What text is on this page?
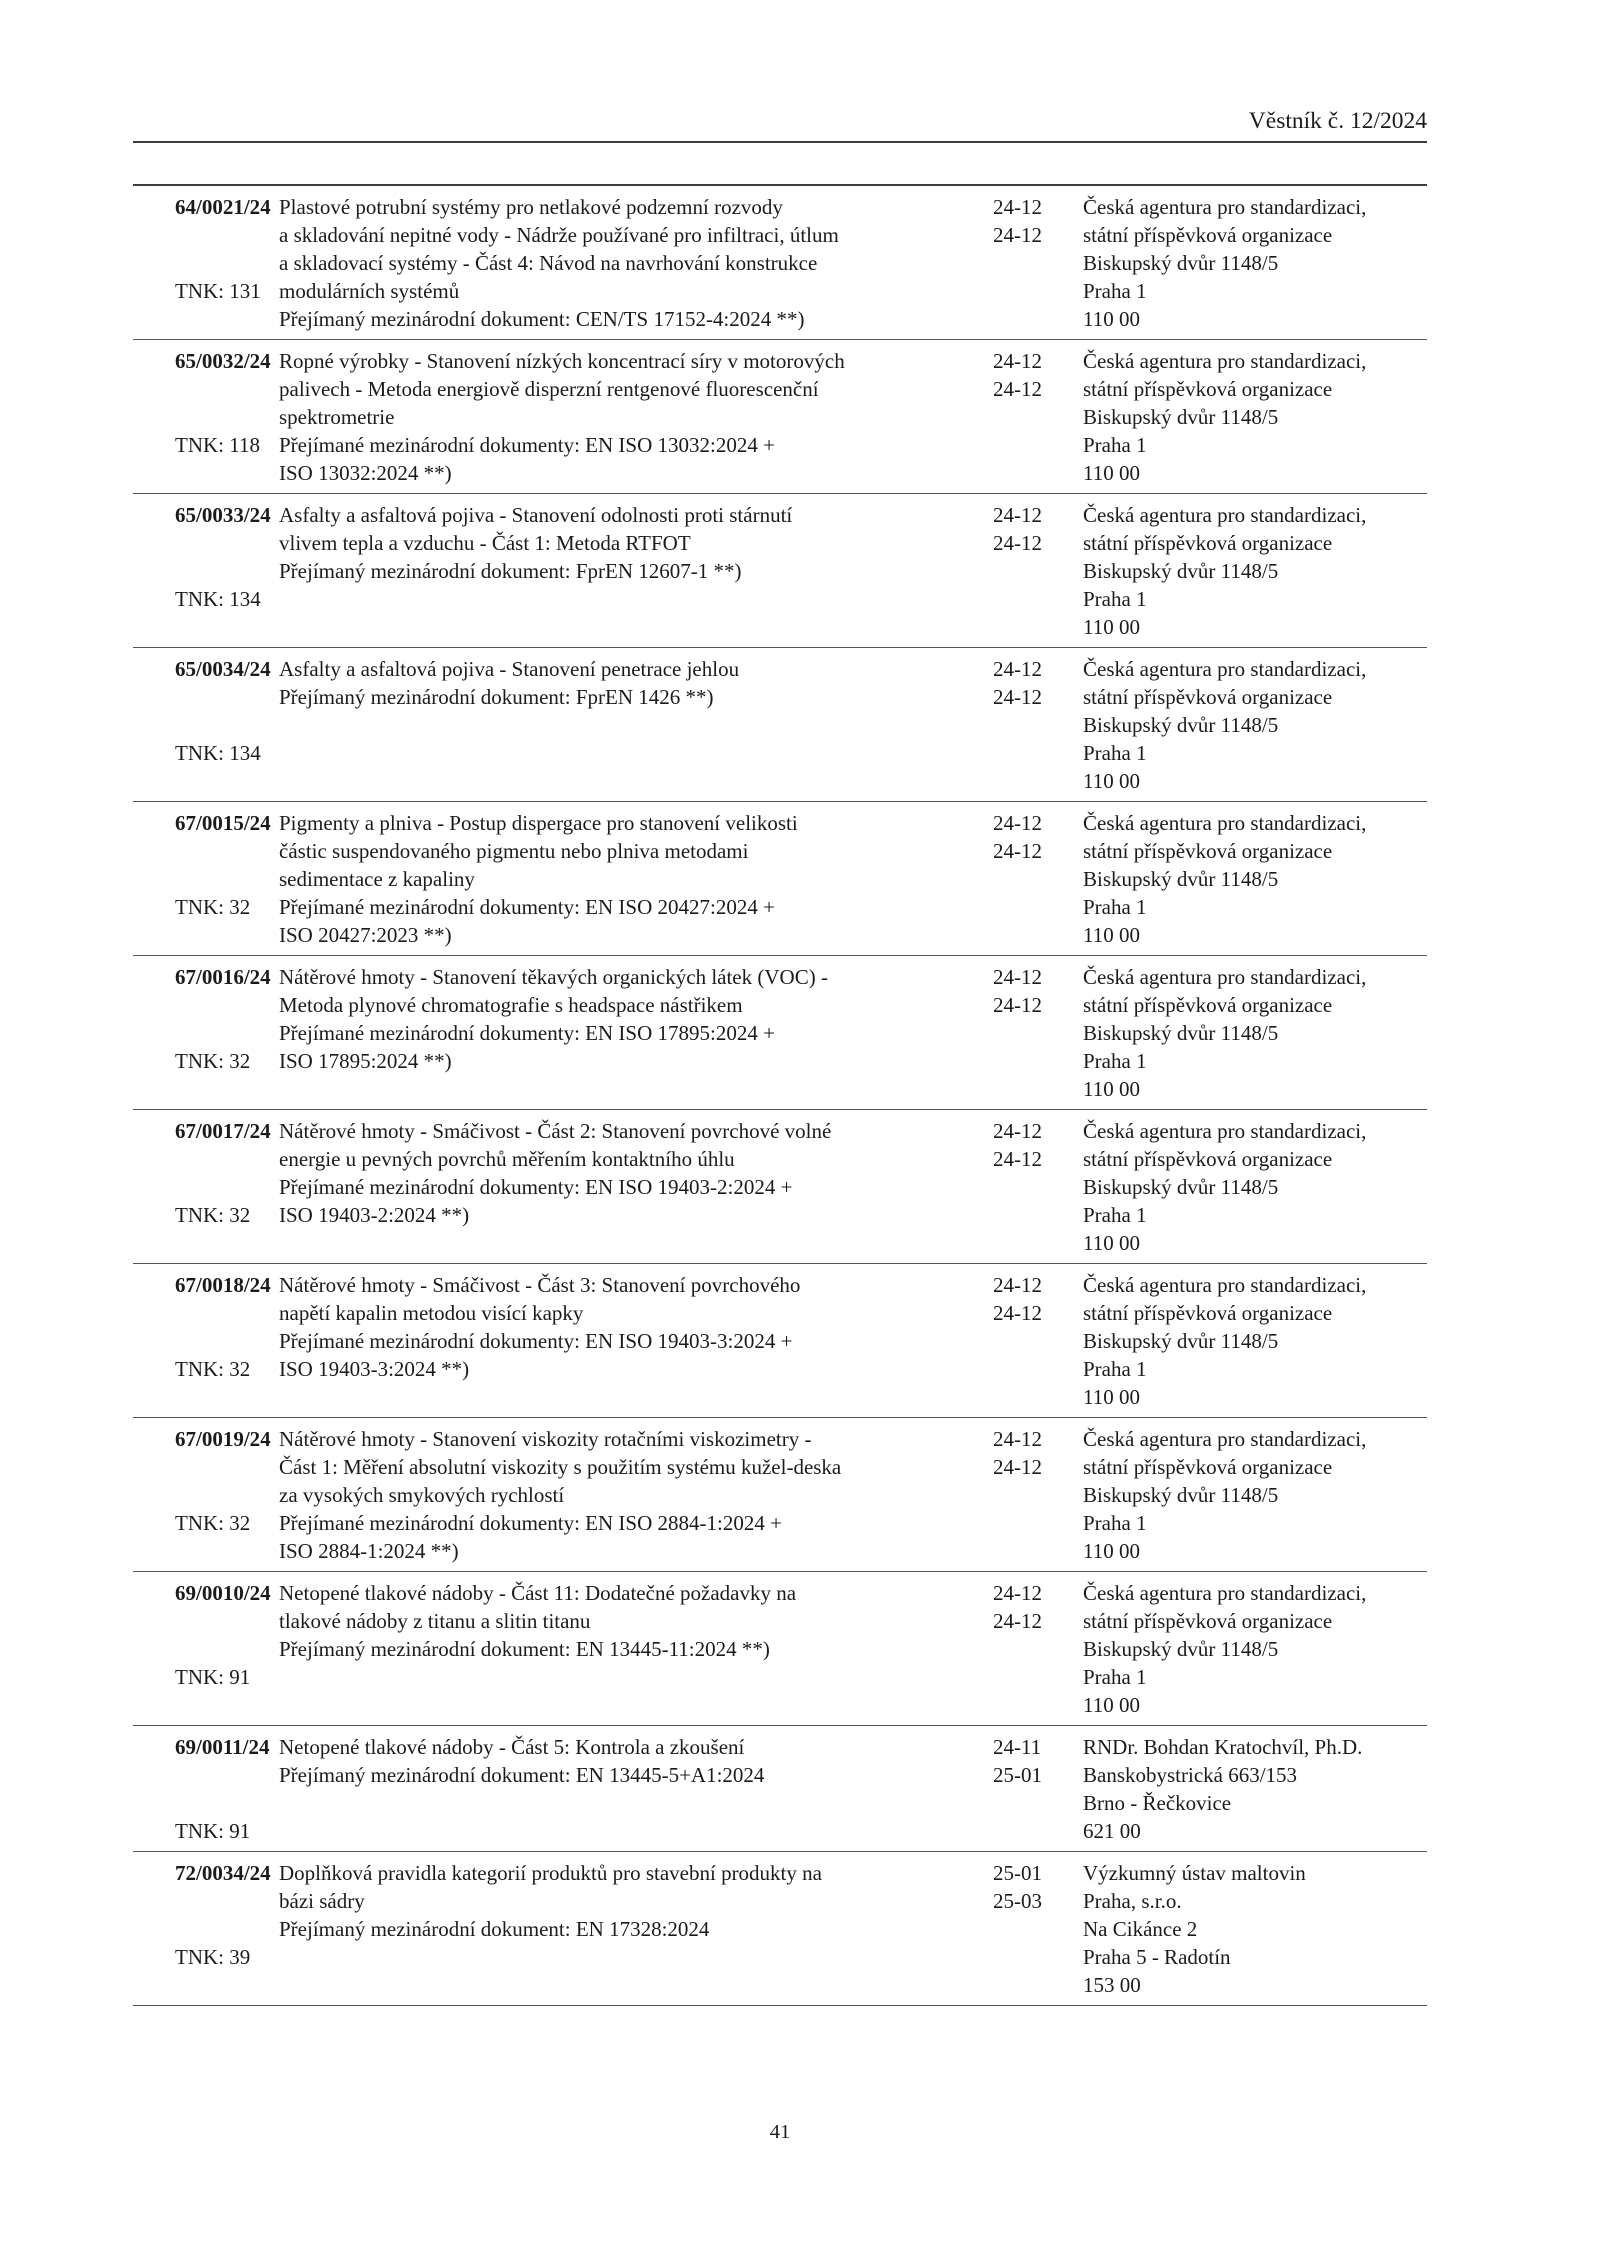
Věstník č. 12/2024
64/0021/24
TNK: 131
Plastové potrubní systémy pro netlakové podzemní rozvody
a skladování nepitné vody - Nádrže používané pro infiltraci, útlum
a skladovací systémy - Část 4: Návod na navrhování konstrukce
modulárních systémů
Přejímaný mezinárodní dokument: CEN/TS 17152-4:2024 **)
24-12
24-12
Česká agentura pro standardizaci,
státní příspěvková organizace
Biskupský dvůr 1148/5
Praha 1
110 00
65/0032/24
TNK: 118
Ropné výrobky - Stanovení nízkých koncentrací síry v motorových
palivech - Metoda energiově disperzní rentgenové fluorescenční
spektrometrie
Přejímané mezinárodní dokumenty: EN ISO 13032:2024 +
ISO 13032:2024 **)
24-12
24-12
Česká agentura pro standardizaci,
státní příspěvková organizace
Biskupský dvůr 1148/5
Praha 1
110 00
65/0033/24
TNK: 134
Asfalty a asfaltová pojiva - Stanovení odolnosti proti stárnutí
vlivem tepla a vzduchu - Část 1: Metoda RTFOT
Přejímaný mezinárodní dokument: FprEN 12607-1 **)
24-12
24-12
Česká agentura pro standardizaci,
státní příspěvková organizace
Biskupský dvůr 1148/5
Praha 1
110 00
65/0034/24
TNK: 134
Asfalty a asfaltová pojiva - Stanovení penetrace jehlou
Přejímaný mezinárodní dokument: FprEN 1426 **)
24-12
24-12
Česká agentura pro standardizaci,
státní příspěvková organizace
Biskupský dvůr 1148/5
Praha 1
110 00
67/0015/24
TNK: 32
Pigmenty a plniva - Postup dispergace pro stanovení velikosti
částic suspendovaného pigmentu nebo plniva metodami
sedimentace z kapaliny
Přejímané mezinárodní dokumenty: EN ISO 20427:2024 +
ISO 20427:2023 **)
24-12
24-12
Česká agentura pro standardizaci,
státní příspěvková organizace
Biskupský dvůr 1148/5
Praha 1
110 00
67/0016/24
TNK: 32
Nátěrové hmoty - Stanovení těkavých organických látek (VOC) -
Metoda plynové chromatografie s headspace nástřikem
Přejímané mezinárodní dokumenty: EN ISO 17895:2024 +
ISO 17895:2024 **)
24-12
24-12
Česká agentura pro standardizaci,
státní příspěvková organizace
Biskupský dvůr 1148/5
Praha 1
110 00
67/0017/24
TNK: 32
Nátěrové hmoty - Smáčivost - Část 2: Stanovení povrchové volné
energie u pevných povrchů měřením kontaktního úhlu
Přejímané mezinárodní dokumenty: EN ISO 19403-2:2024 +
ISO 19403-2:2024 **)
24-12
24-12
Česká agentura pro standardizaci,
státní příspěvková organizace
Biskupský dvůr 1148/5
Praha 1
110 00
67/0018/24
TNK: 32
Nátěrové hmoty - Smáčivost - Část 3: Stanovení povrchového
napětí kapalin metodou visící kapky
Přejímané mezinárodní dokumenty: EN ISO 19403-3:2024 +
ISO 19403-3:2024 **)
24-12
24-12
Česká agentura pro standardizaci,
státní příspěvková organizace
Biskupský dvůr 1148/5
Praha 1
110 00
67/0019/24
TNK: 32
Nátěrové hmoty - Stanovení viskozity rotačními viskozimetry -
Část 1: Měření absolutní viskozity s použitím systému kužel-deska
za vysokých smykových rychlostí
Přejímané mezinárodní dokumenty: EN ISO 2884-1:2024 +
ISO 2884-1:2024 **)
24-12
24-12
Česká agentura pro standardizaci,
státní příspěvková organizace
Biskupský dvůr 1148/5
Praha 1
110 00
69/0010/24
TNK: 91
Netopené tlakové nádoby - Část 11: Dodatečné požadavky na
tlakové nádoby z titanu a slitin titanu
Přejímaný mezinárodní dokument: EN 13445-11:2024 **)
24-12
24-12
Česká agentura pro standardizaci,
státní příspěvková organizace
Biskupský dvůr 1148/5
Praha 1
110 00
69/0011/24
TNK: 91
Netopené tlakové nádoby - Část 5: Kontrola a zkoušení
Přejímaný mezinárodní dokument: EN 13445-5+A1:2024
24-11
25-01
RNDr. Bohdan Kratochvíl, Ph.D.
Banskobystrická 663/153
Brno - Řečkovice
621 00
72/0034/24
TNK: 39
Doplňková pravidla kategorií produktů pro stavební produkty na
bázi sádry
Přejímaný mezinárodní dokument: EN 17328:2024
25-01
25-03
Výzkumný ústav maltovin
Praha, s.r.o.
Na Cikánce 2
Praha 5 - Radotín
153 00
41
